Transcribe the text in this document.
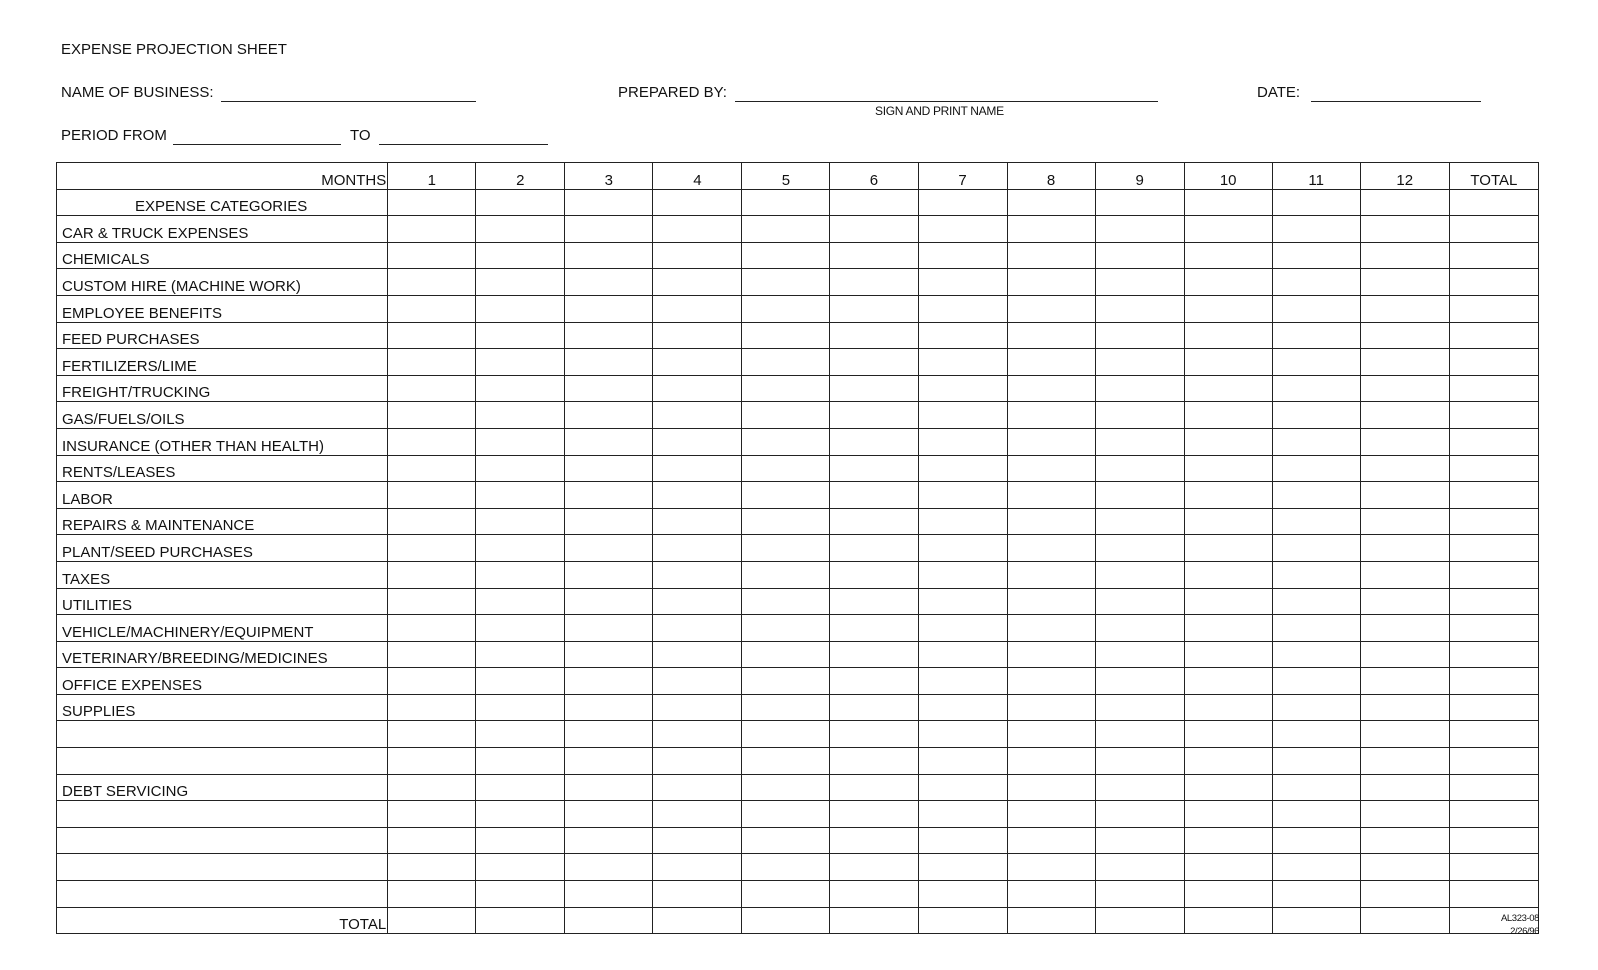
EXPENSE PROJECTION SHEET
NAME OF BUSINESS:	PREPARED BY:
SIGN AND PRINT NAME
DATE:
PERIOD FROM	TO
MONTHS	1	2	3	4	5	6	7	8	9	10	11	12	TOTAL
EXPENSE CATEGORIES													
CAR & TRUCK EXPENSES													
CHEMICALS													
CUSTOM HIRE (MACHINE WORK)													
EMPLOYEE BENEFITS													
FEED PURCHASES													
FERTILIZERS/LIME													
FREIGHT/TRUCKING													
GAS/FUELS/OILS													
INSURANCE (OTHER THAN HEALTH)													
RENTS/LEASES													
LABOR													
REPAIRS & MAINTENANCE													
PLANT/SEED PURCHASES													
TAXES													
UTILITIES													
VEHICLE/MACHINERY/EQUIPMENT													
VETERINARY/BREEDING/MEDICINES													
OFFICE EXPENSES													
SUPPLIES													

DEBT SERVICING													

TOTAL														AL323-08
2/26/96
